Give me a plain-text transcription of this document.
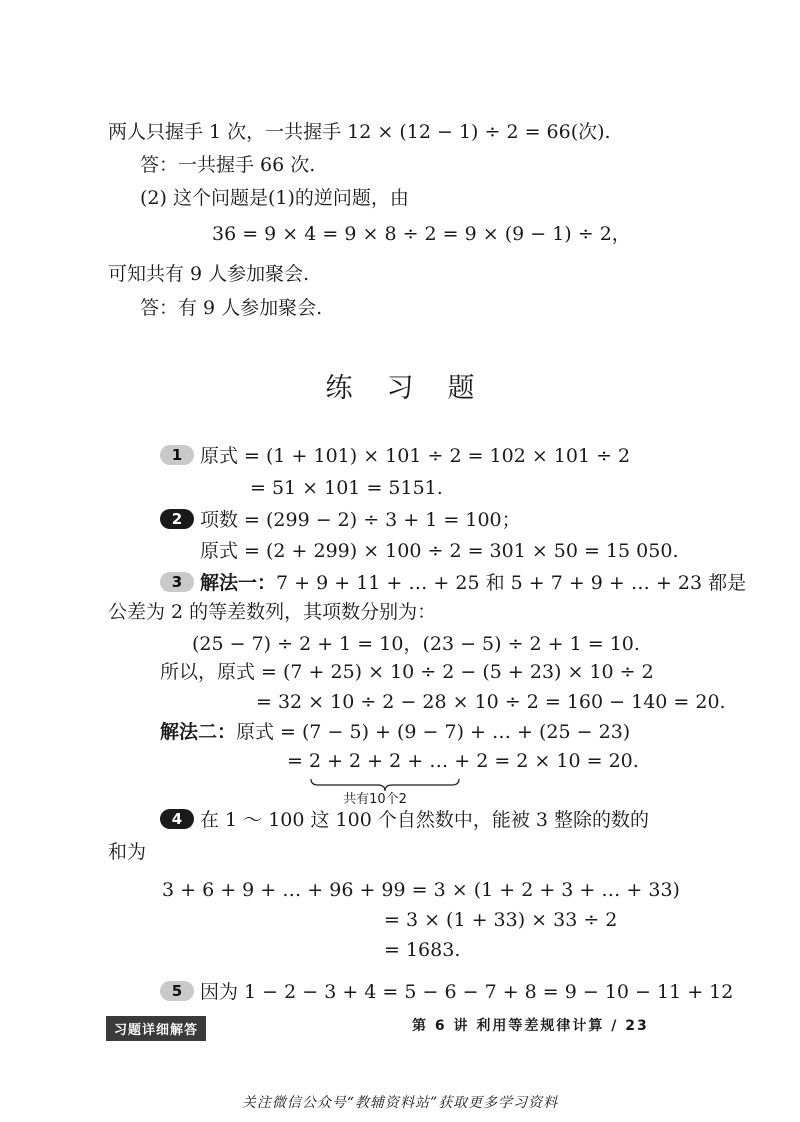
两人只握手 1 次，一共握手 12 × (12 − 1) ÷ 2 = 66(次).
答：一共握手 66 次.
(2) 这个问题是(1)的逆问题，由
36 = 9 × 4 = 9 × 8 ÷ 2 = 9 × (9 − 1) ÷ 2，
可知共有 9 人参加聚会.
答：有 9 人参加聚会.
练习题
1 原式 = (1 + 101) × 101 ÷ 2 = 102 × 101 ÷ 2
= 51 × 101 = 5151.
2 项数 = (299 − 2) ÷ 3 + 1 = 100；
原式 = (2 + 299) × 100 ÷ 2 = 301 × 50 = 15 050.
3 解法一：7 + 9 + 11 + … + 25 和 5 + 7 + 9 + … + 23 都是
公差为 2 的等差数列，其项数分别为：
(25 − 7) ÷ 2 + 1 = 10，(23 − 5) ÷ 2 + 1 = 10.
所以，原式 = (7 + 25) × 10 ÷ 2 − (5 + 23) × 10 ÷ 2
= 32 × 10 ÷ 2 − 28 × 10 ÷ 2 = 160 − 140 = 20.
解法二：原式 = (7 − 5) + (9 − 7) + … + (25 − 23)
= 2 + 2 + 2 + … + 2 = 2 × 10 = 20.
共有10个2
4 在 1 ～ 100 这 100 个自然数中，能被 3 整除的数的
和为
3 + 6 + 9 + … + 96 + 99 = 3 × (1 + 2 + 3 + … + 33)
= 3 × (1 + 33) × 33 ÷ 2
= 1683.
5 因为 1 − 2 − 3 + 4 = 5 − 6 − 7 + 8 = 9 − 10 − 11 + 12
习题详细解答	第 6 讲 利用等差规律计算 / 23
关注微信公众号“教辅资料站”获取更多学习资料
